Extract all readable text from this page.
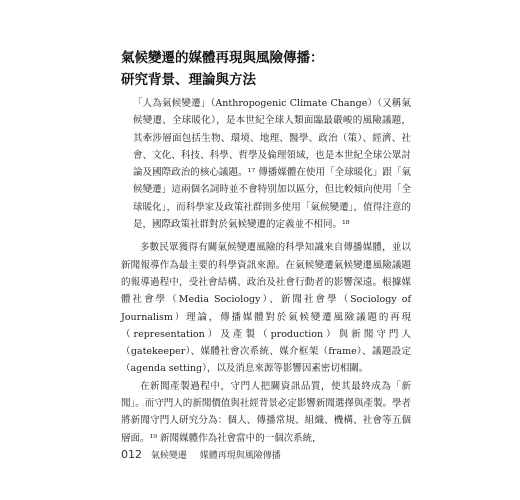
氣候變遷的媒體再現與風險傳播：
研究背景、理論與方法

「人為氣候變遷」（Anthropogenic Climate Change）（又稱氣候變遷、全球暖化），是本世紀全球人類面臨最嚴峻的風險議題，其牽涉層面包括生物、環境、地理、醫學、政治（策）、經濟、社會、文化、科技、科學、哲學及倫理領域，也是本世紀全球公眾討論及國際政治的核心議題。¹⁷ 傳播媒體在使用「全球暖化」跟「氣候變遷」這兩個名詞時並不會特別加以區分，但比較傾向使用「全球暖化」，而科學家及政策社群則多使用「氣候變遷」，值得注意的是，國際政策社群對於氣候變遷的定義並不相同。¹⁸

多數民眾獲得有關氣候變遷風險的科學知識來自傳播媒體，並以新聞報導作為最主要的科學資訊來源。在氣候變遷氣候變遷風險議題的報導過程中，受社會結構、政治及社會行動者的影響深遠。根據媒體社會學（Media Sociology）、新聞社會學（Sociology of Journalism）理論，傳播媒體對於氣候變遷風險議題的再現（representation）及產製（production）與新聞守門人（gatekeeper）、媒體社會次系統、媒介框架（frame）、議題設定（agenda setting），以及消息來源等影響因素密切相關。

在新聞產製過程中，守門人把關資訊品質，使其最終成為「新聞」。而守門人的新聞價值與社經背景必定影響新聞選擇與產製。學者將新聞守門人研究分為：個人、傳播常規、組織、機構、社會等五個層面。¹⁹ 新聞媒體作為社會當中的一個次系統，

012 氣候變遷 媒體再現與風險傳播
